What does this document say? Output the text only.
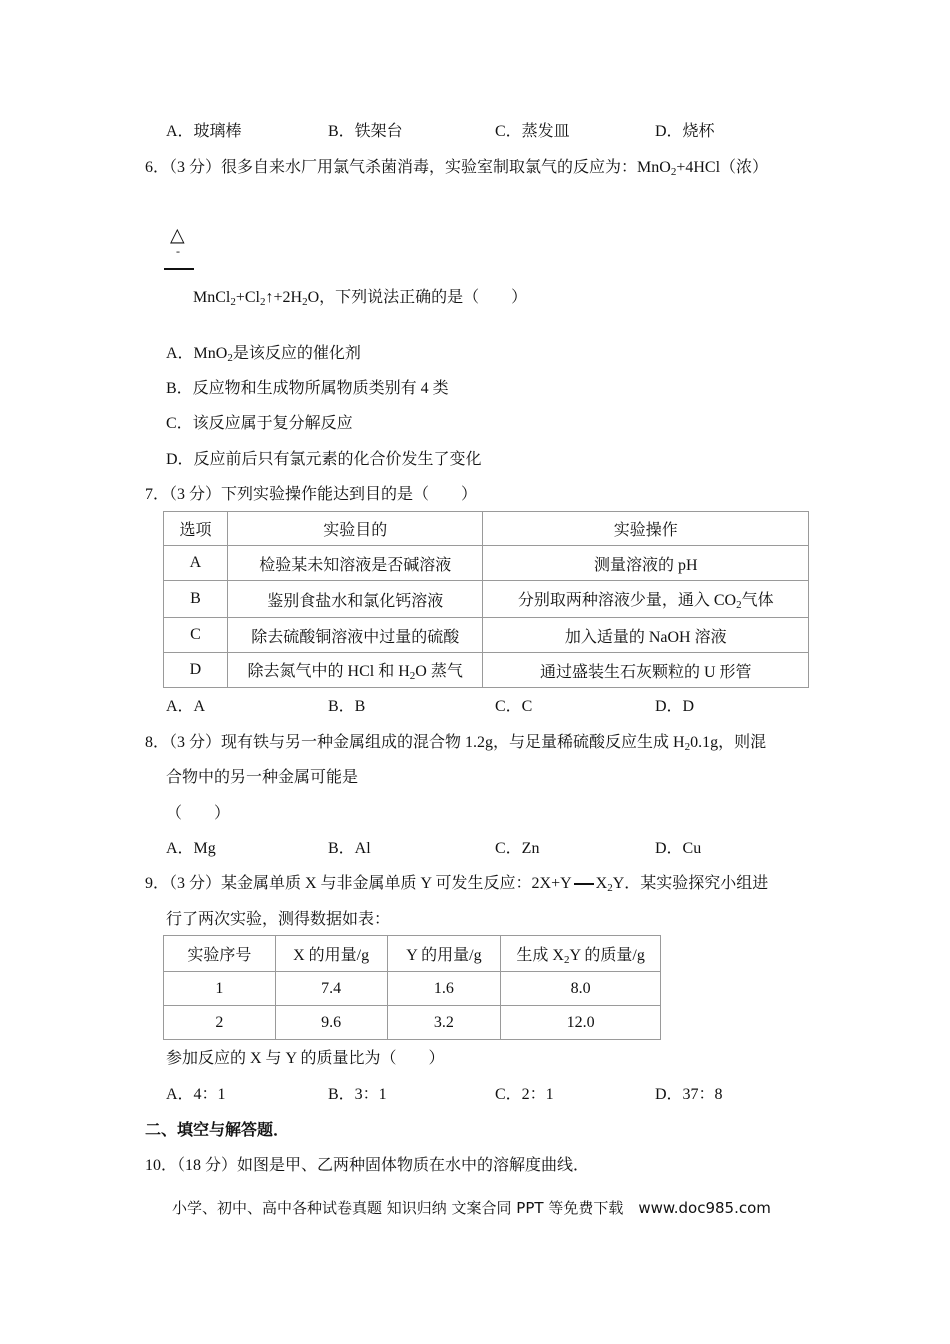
A．玻璃棒	B．铁架台	C．蒸发皿	D．烧杯
6．（3 分）很多自来水厂用氯气杀菌消毒，实验室制取氯气的反应为：MnO$_2$+4HCl（浓）
△
-
$MnCl_2+Cl_2↑+2H_2O$，下列说法正确的是（　　）
A．MnO$_2$是该反应的催化剂
B．反应物和生成物所属物质类别有 4 类
C．该反应属于复分解反应
D．反应前后只有氯元素的化合价发生了变化
7．（3 分）下列实验操作能达到目的是（　　）
选项	实验目的	实验操作
A	检验某未知溶液是否碱溶液	测量溶液的 pH
B	鉴别食盐水和氯化钙溶液	分别取两种溶液少量，通入 $CO_2$气体
C	除去硫酸铜溶液中过量的硫酸	加入适量的 NaOH 溶液
D	除去氮气中的 HCl 和 $H_2O$ 蒸气	通过盛装生石灰颗粒的 U 形管
A．A	B．B	C．C	D．D
8．（3 分）现有铁与另一种金属组成的混合物 1.2g，与足量稀硫酸反应生成 $H_20.1g$，则混
合物中的另一种金属可能是
（　　）
A．Mg	B．Al	C．Zn	D．Cu
9．（3 分）某金属单质 X 与非金属单质 Y 可发生反应：2X+Y $X_2Y$．某实验探究小组进
行了两次实验，测得数据如表：
实验序号	X 的用量/g	Y 的用量/g	生成 $X_2Y$ 的质量/g
1	7.4	1.6	8.0
2	9.6	3.2	12.0
参加反应的 X 与 Y 的质量比为（　　）
A．4：1	B．3：1	C．2：1	D．37：8
二、填空与解答题．
10．（18 分）如图是甲、乙两种固体物质在水中的溶解度曲线．
小学、初中、高中各种试卷真题 知识归纳 文案合同 PPT 等免费下载　www.doc985.com
